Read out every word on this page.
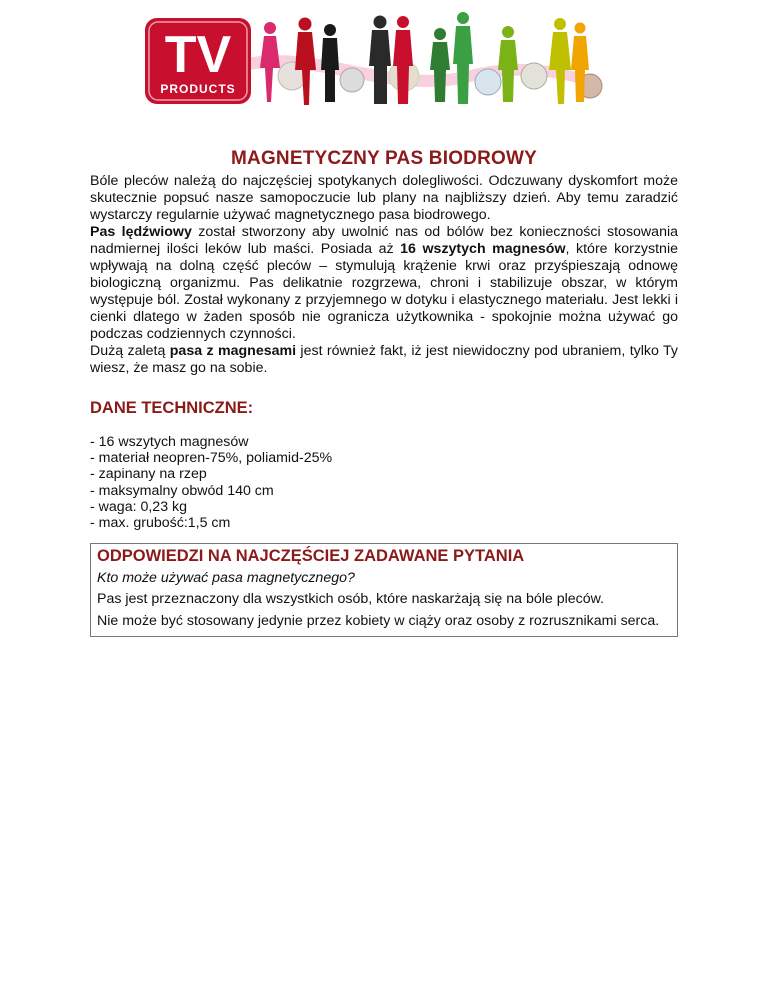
TV
PRODUCTS
MAGNETYCZNY PAS BIODROWY

Bóle pleców należą do najczęściej spotykanych dolegliwości. Odczuwany dyskomfort może skutecznie popsuć nasze samopoczucie lub plany na najbliższy dzień. Aby temu zaradzić wystarczy regularnie używać magnetycznego pasa biodrowego.

Pas lędźwiowy został stworzony aby uwolnić nas od bólów bez konieczności stosowania nadmiernej ilości leków lub maści. Posiada aż 16 wszytych magnesów, które korzystnie wpływają na dolną część pleców – stymulują krążenie krwi oraz przyśpieszają odnowę biologiczną organizmu. Pas delikatnie rozgrzewa, chroni i stabilizuje obszar, w którym występuje ból. Został wykonany z przyjemnego w dotyku i elastycznego materiału. Jest lekki i cienki dlatego w żaden sposób nie ogranicza użytkownika - spokojnie można używać go podczas codziennych czynności.

Dużą zaletą pasa z magnesami jest również fakt, iż jest niewidoczny pod ubraniem, tylko Ty wiesz, że masz go na sobie.

DANE TECHNICZNE:
- 16 wszytych magnesów
- materiał neopren-75%, poliamid-25%
- zapinany na rzep
- maksymalny obwód 140 cm
- waga: 0,23 kg
- max. grubość:1,5 cm
ODPOWIEDZI NA NAJCZĘŚCIEJ ZADAWANE PYTANIA

Kto może używać pasa magnetycznego?

Pas jest przeznaczony dla wszystkich osób, które naskarżają się na bóle pleców.

Nie może być stosowany jedynie przez kobiety w ciąży oraz osoby z rozrusznikami serca.
